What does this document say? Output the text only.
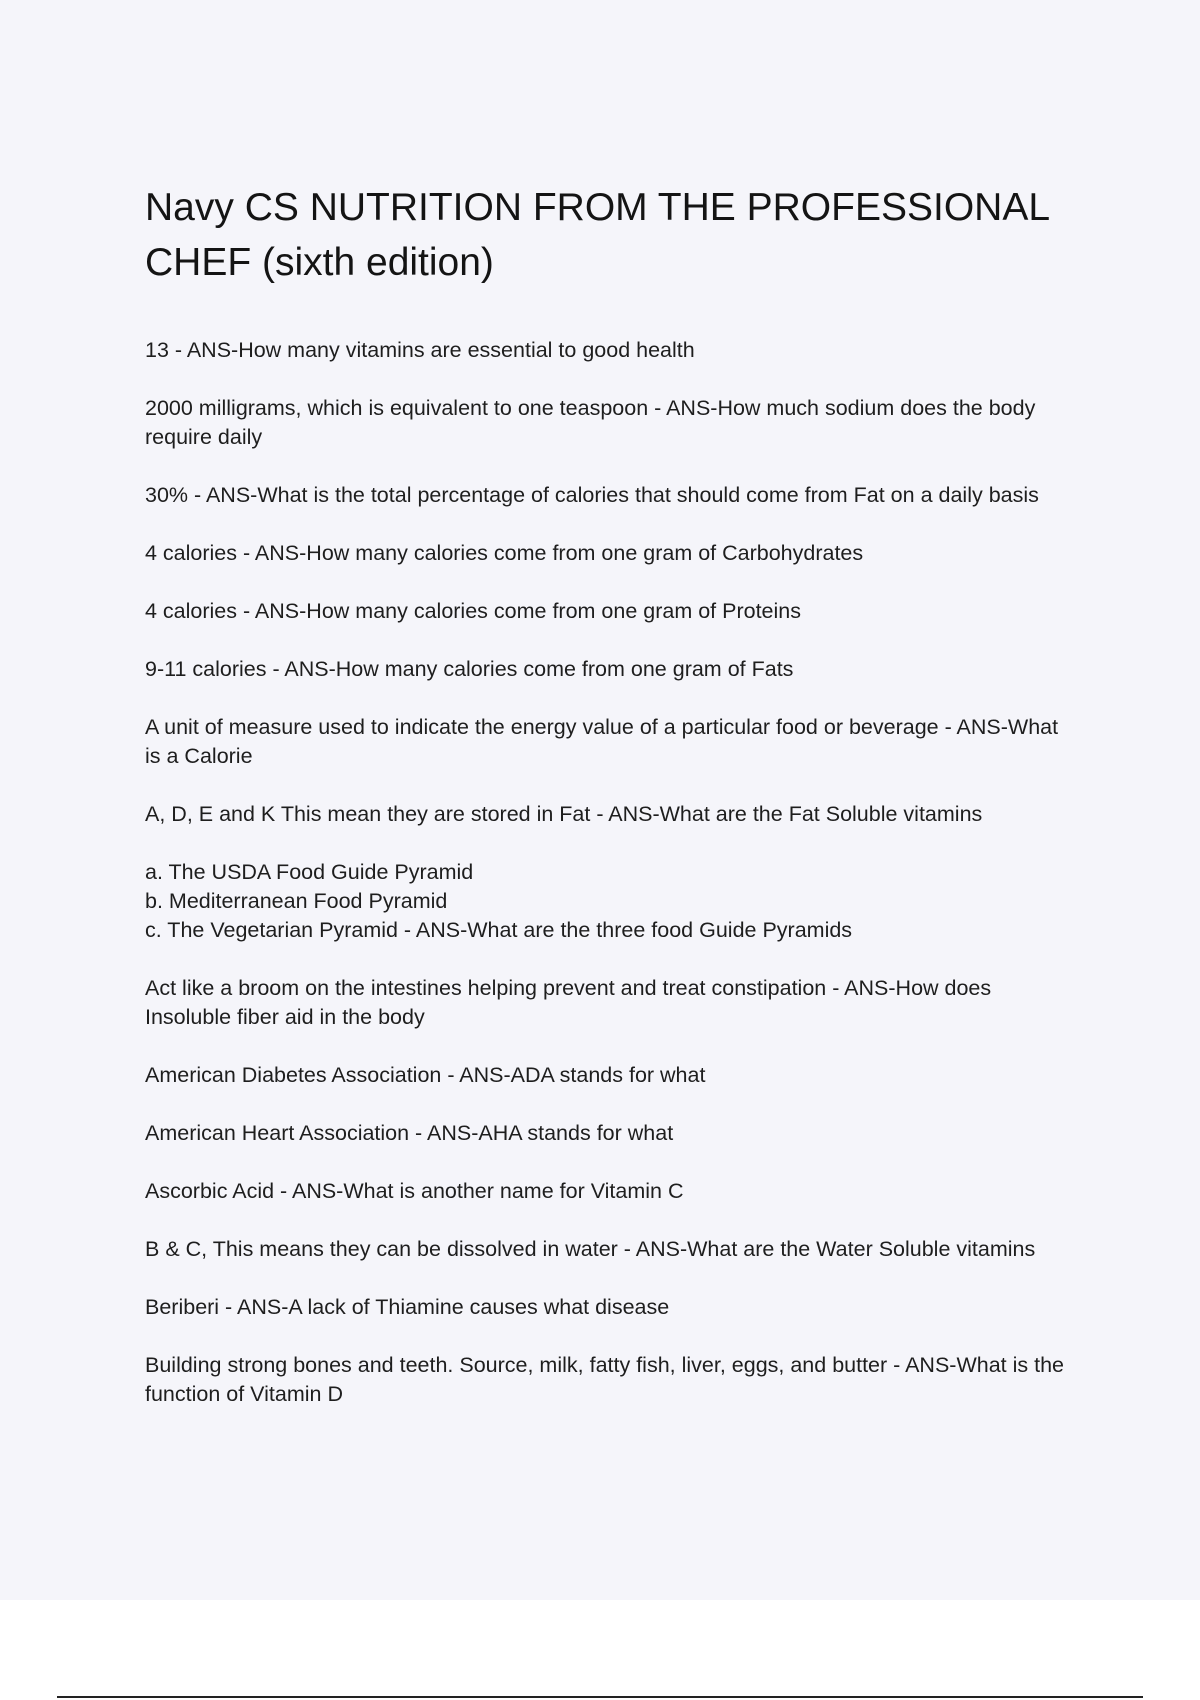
Navy CS NUTRITION FROM THE PROFESSIONAL CHEF (sixth edition)
13 - ANS-How many vitamins are essential to good health
2000 milligrams, which is equivalent to one teaspoon - ANS-How much sodium does the body require daily
30% - ANS-What is the total percentage of calories that should come from Fat on a daily basis
4 calories - ANS-How many calories come from one gram of Carbohydrates
4 calories - ANS-How many calories come from one gram of Proteins
9-11 calories - ANS-How many calories come from one gram of Fats
A unit of measure used to indicate the energy value of a particular food or beverage - ANS-What is a Calorie
A, D, E and K This mean they are stored in Fat - ANS-What are the Fat Soluble vitamins
a. The USDA Food Guide Pyramid
b. Mediterranean Food Pyramid
c. The Vegetarian Pyramid - ANS-What are the three food Guide Pyramids
Act like a broom on the intestines helping prevent and treat constipation - ANS-How does Insoluble fiber aid in the body
American Diabetes Association - ANS-ADA stands for what
American Heart Association - ANS-AHA stands for what
Ascorbic Acid - ANS-What is another name for Vitamin C
B & C, This means they can be dissolved in water - ANS-What are the Water Soluble vitamins
Beriberi - ANS-A lack of Thiamine causes what disease
Building strong bones and teeth. Source, milk, fatty fish, liver, eggs, and butter - ANS-What is the function of Vitamin D
